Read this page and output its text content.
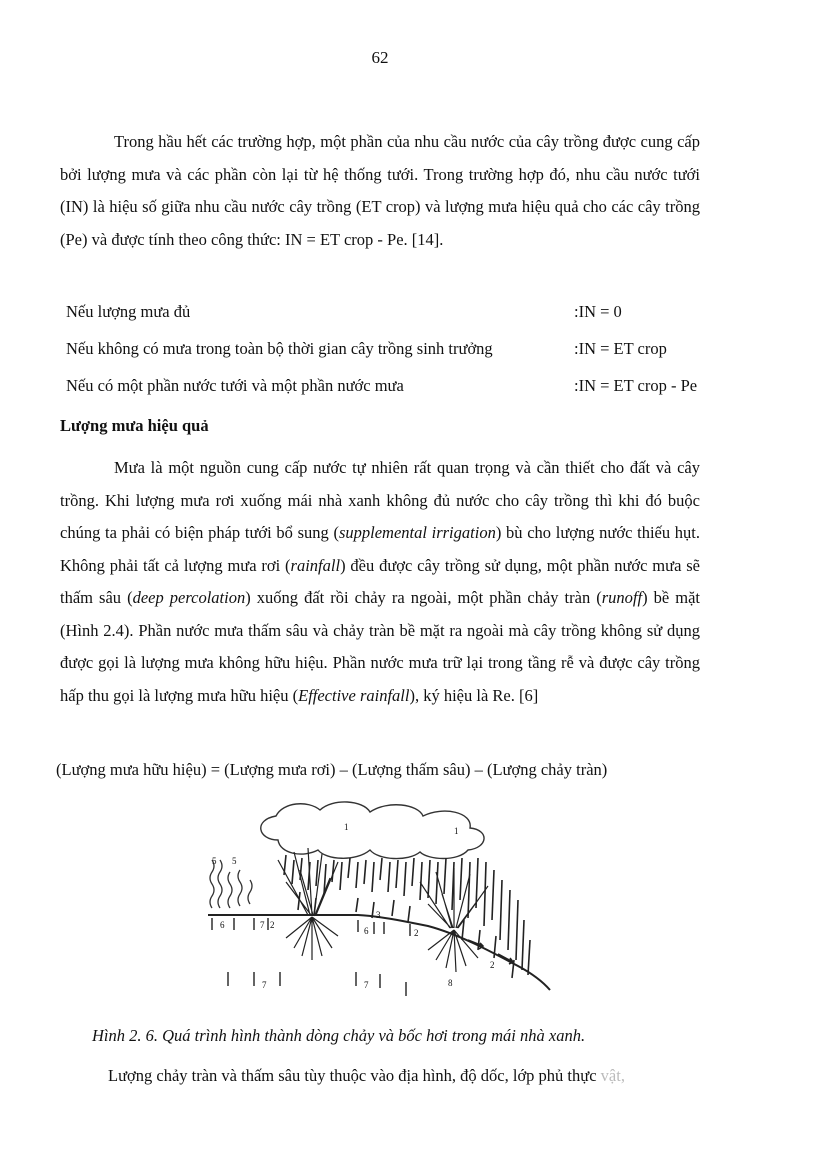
62

Trong hầu hết các trường hợp, một phần của nhu cầu nước của cây trồng được cung cấp bởi lượng mưa và các phần còn lại từ hệ thống tưới. Trong trường hợp đó, nhu cầu nước tưới (IN) là hiệu số giữa nhu cầu nước cây trồng (ET crop) và lượng mưa hiệu quả cho các cây trồng (Pe) và được tính theo công thức: IN = ET crop - Pe. [14].

Nếu lượng mưa đủ	:IN = 0
Nếu không có mưa trong toàn bộ thời gian cây trồng sinh trưởng	:IN = ET crop
Nếu có một phần nước tưới và một phần nước mưa	:IN = ET crop - Pe
Lượng mưa hiệu quả

Mưa là một nguồn cung cấp nước tự nhiên rất quan trọng và cần thiết cho đất và cây trồng. Khi lượng mưa rơi xuống mái nhà xanh không đủ nước cho cây trồng thì khi đó buộc chúng ta phải có biện pháp tưới bổ sung (supplemental irrigation) bù cho lượng nước thiếu hụt. Không phải tất cả lượng mưa rơi (rainfall) đều được cây trồng sử dụng, một phần nước mưa sẽ thấm sâu (deep percolation) xuống đất rồi chảy ra ngoài, một phần chảy tràn (runoff) bề mặt (Hình 2.4). Phần nước mưa thấm sâu và chảy tràn bề mặt ra ngoài mà cây trồng không sử dụng được gọi là lượng mưa không hữu hiệu. Phần nước mưa trữ lại trong tầng rễ và được cây trồng hấp thu gọi là lượng mưa hữu hiệu (Effective rainfall), ký hiệu là Re. [6]

(Lượng mưa hữu hiệu) = (Lượng mưa rơi) – (Lượng thấm sâu) – (Lượng chảy tràn)
1	1
5 5
6	7 2
3
6	2
2
7	7	8
Hình 2. 6. Quá trình hình thành dòng chảy và bốc hơi trong mái nhà xanh.
Lượng chảy tràn và thấm sâu tùy thuộc vào địa hình, độ dốc, lớp phủ thực vật,
